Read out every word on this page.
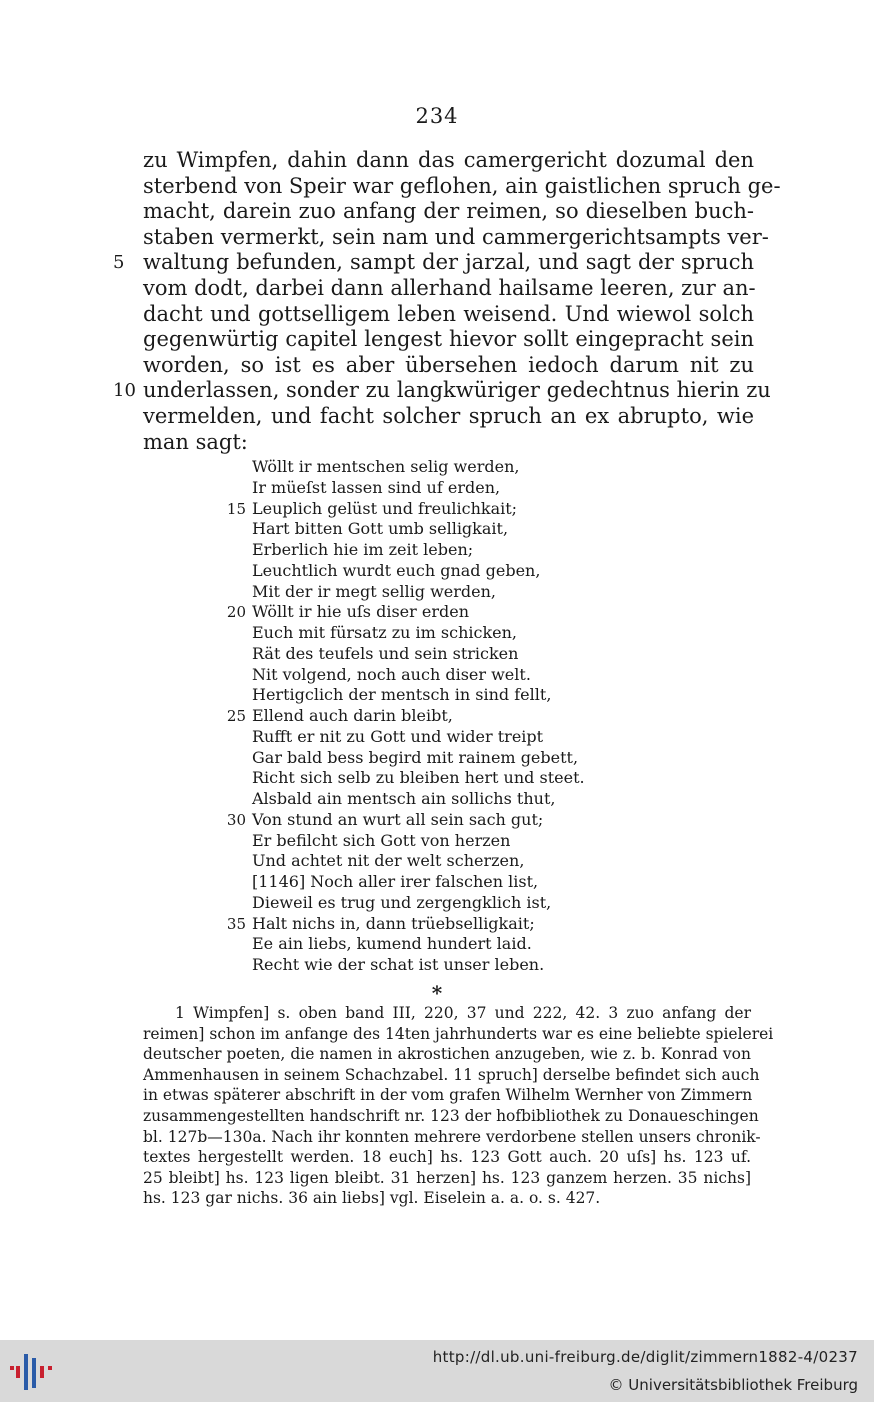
234
zu Wimpfen, dahin dann das camergericht dozumal den
sterbend von Speir war geflohen, ain gaistlichen spruch ge-
macht, darein zuo anfang der reimen, so dieselben buch-
staben vermerkt, sein nam und cammergerichtsampts ver-
5 waltung befunden, sampt der jarzal, und sagt der spruch
vom dodt, darbei dann allerhand hailsame leeren, zur an-
dacht und gottselligem leben weisend. Und wiewol solch
gegenwürtig capitel lengest hievor sollt eingepracht sein
worden, so ist es aber übersehen iedoch darum nit zu
10 underlassen, sonder zu langkwüriger gedechtnus hierin zu
vermelden, und facht solcher spruch an ex abrupto, wie
man sagt:
Wöllt ir mentschen selig werden,
Ir müeſst lassen sind uf erden,
15 Leuplich gelüst und freulichkait;
Hart bitten Gott umb selligkait,
Erberlich hie im zeit leben;
Leuchtlich wurdt euch gnad geben,
Mit der ir megt sellig werden,
20 Wöllt ir hie uſs diser erden
Euch mit fürsatz zu im schicken,
Rät des teufels und sein stricken
Nit volgend, noch auch diser welt.
Hertigclich der mentsch in sind fellt,
25 Ellend auch darin bleibt,
Rufft er nit zu Gott und wider treipt
Gar bald bess begird mit rainem gebett,
Richt sich selb zu bleiben hert und steet.
Alsbald ain mentsch ain sollichs thut,
30 Von stund an wurt all sein sach gut;
Er befilcht sich Gott von herzen
Und achtet nit der welt scherzen,
[1146] Noch aller irer falschen list,
Dieweil es trug und zergengklich ist,
35 Halt nichs in, dann trüebselligkait;
Ee ain liebs, kumend hundert laid.
Recht wie der schat ist unser leben.
*
1 Wimpfen] s. oben band III, 220, 37 und 222, 42. 3 zuo anfang der
reimen] schon im anfange des 14ten jahrhunderts war es eine beliebte spielerei
deutscher poeten, die namen in akrostichen anzugeben, wie z. b. Konrad von
Ammenhausen in seinem Schachzabel. 11 spruch] derselbe befindet sich auch
in etwas späterer abschrift in der vom grafen Wilhelm Wernher von Zimmern
zusammengestellten handschrift nr. 123 der hofbibliothek zu Donaueschingen
bl. 127b—130a. Nach ihr konnten mehrere verdorbene stellen unsers chronik-
textes hergestellt werden. 18 euch] hs. 123 Gott auch. 20 uſs] hs. 123 uf.
25 bleibt] hs. 123 ligen bleibt. 31 herzen] hs. 123 ganzem herzen. 35 nichs]
hs. 123 gar nichs. 36 ain liebs] vgl. Eiselein a. a. o. s. 427.
http://dl.ub.uni-freiburg.de/diglit/zimmern1882-4/0237
© Universitätsbibliothek Freiburg
